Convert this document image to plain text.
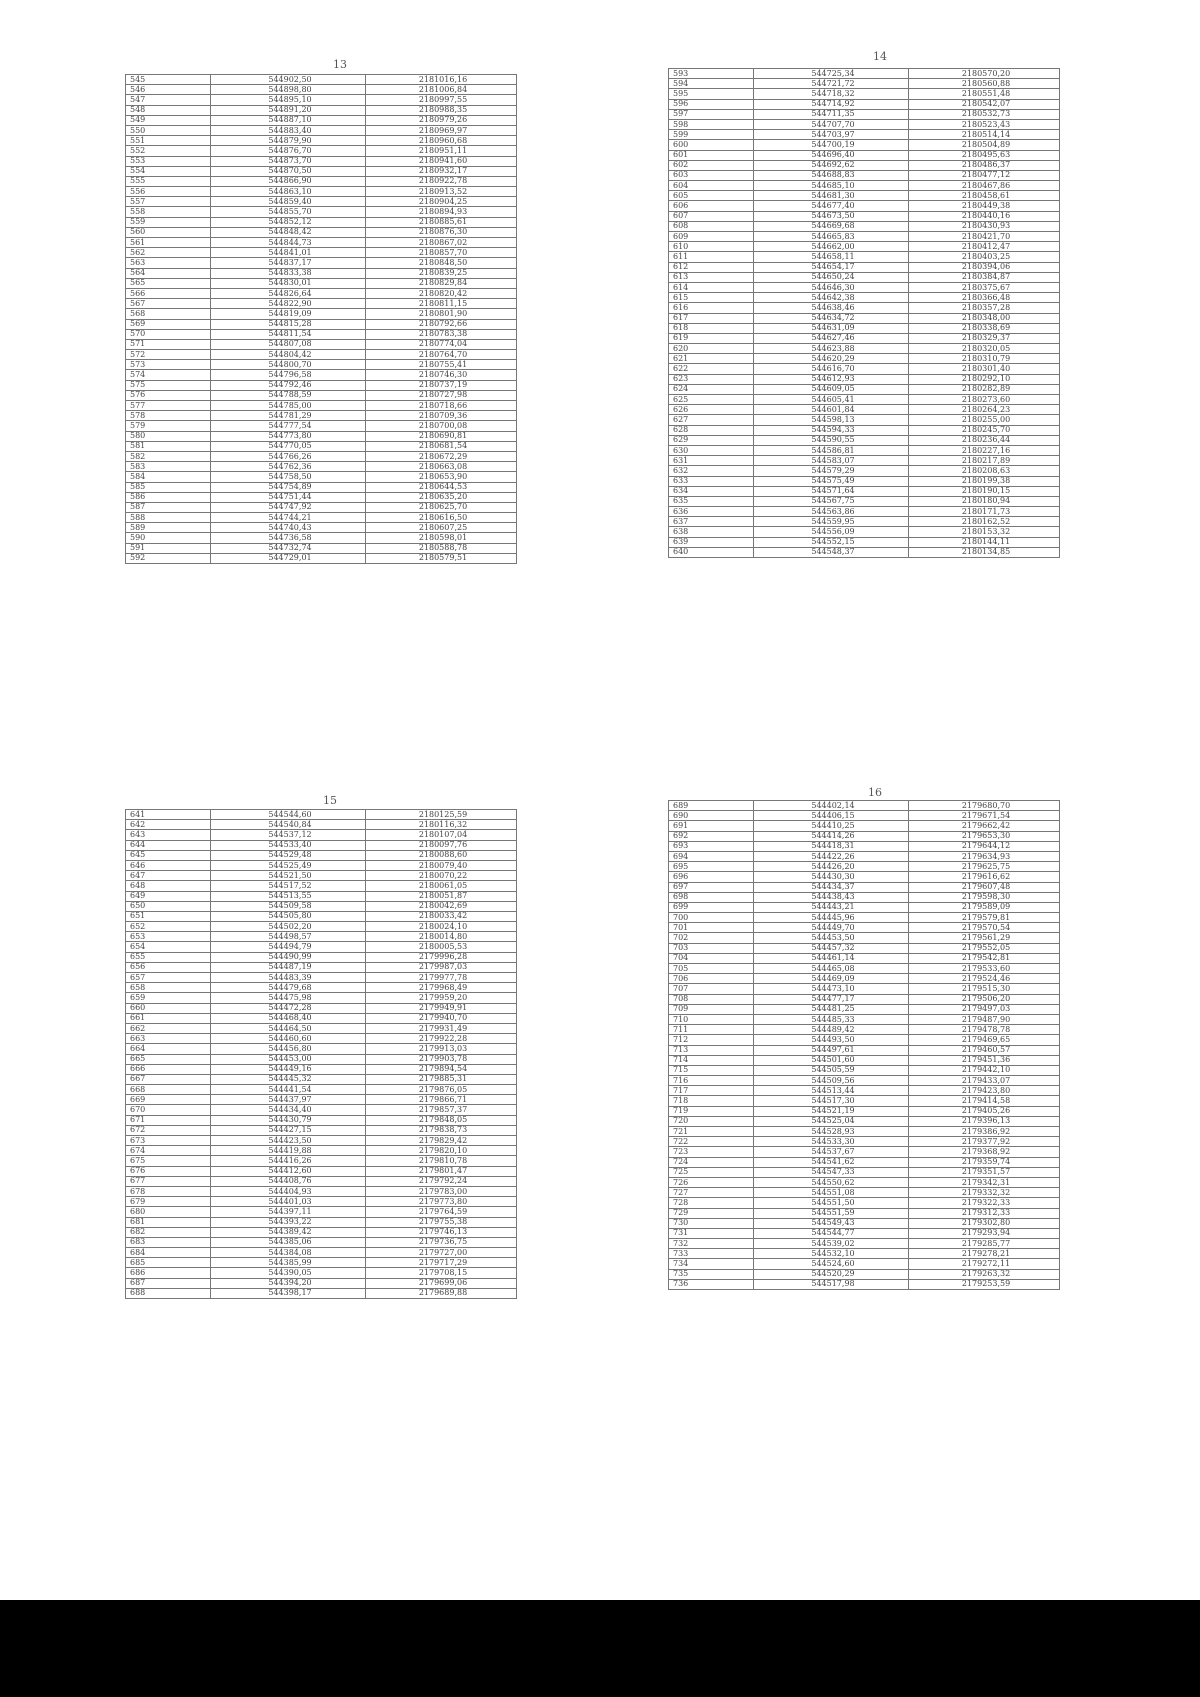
13
545	544902,50	2181016,16
546	544898,80	2181006,84
547	544895,10	2180997,55
548	544891,20	2180988,35
549	544887,10	2180979,26
550	544883,40	2180969,97
551	544879,90	2180960,68
552	544876,70	2180951,11
553	544873,70	2180941,60
554	544870,50	2180932,17
555	544866,90	2180922,78
556	544863,10	2180913,52
557	544859,40	2180904,25
558	544855,70	2180894,93
559	544852,12	2180885,61
560	544848,42	2180876,30
561	544844,73	2180867,02
562	544841,01	2180857,70
563	544837,17	2180848,50
564	544833,38	2180839,25
565	544830,01	2180829,84
566	544826,64	2180820,42
567	544822,90	2180811,15
568	544819,09	2180801,90
569	544815,28	2180792,66
570	544811,54	2180783,38
571	544807,08	2180774,04
572	544804,42	2180764,70
573	544800,70	2180755,41
574	544796,58	2180746,30
575	544792,46	2180737,19
576	544788,59	2180727,98
577	544785,00	2180718,66
578	544781,29	2180709,36
579	544777,54	2180700,08
580	544773,80	2180690,81
581	544770,05	2180681,54
582	544766,26	2180672,29
583	544762,36	2180663,08
584	544758,50	2180653,90
585	544754,89	2180644,53
586	544751,44	2180635,20
587	544747,92	2180625,70
588	544744,21	2180616,50
589	544740,43	2180607,25
590	544736,58	2180598,01
591	544732,74	2180588,78
592	544729,01	2180579,51
14
593	544725,34	2180570,20
594	544721,72	2180560,88
595	544718,32	2180551,48
596	544714,92	2180542,07
597	544711,35	2180532,73
598	544707,70	2180523,43
599	544703,97	2180514,14
600	544700,19	2180504,89
601	544696,40	2180495,63
602	544692,62	2180486,37
603	544688,83	2180477,12
604	544685,10	2180467,86
605	544681,30	2180458,61
606	544677,40	2180449,38
607	544673,50	2180440,16
608	544669,68	2180430,93
609	544665,83	2180421,70
610	544662,00	2180412,47
611	544658,11	2180403,25
612	544654,17	2180394,06
613	544650,24	2180384,87
614	544646,30	2180375,67
615	544642,38	2180366,48
616	544638,46	2180357,28
617	544634,72	2180348,00
618	544631,09	2180338,69
619	544627,46	2180329,37
620	544623,88	2180320,05
621	544620,29	2180310,79
622	544616,70	2180301,40
623	544612,93	2180292,10
624	544609,05	2180282,89
625	544605,41	2180273,60
626	544601,84	2180264,23
627	544598,13	2180255,00
628	544594,33	2180245,70
629	544590,55	2180236,44
630	544586,81	2180227,16
631	544583,07	2180217,89
632	544579,29	2180208,63
633	544575,49	2180199,38
634	544571,64	2180190,15
635	544567,75	2180180,94
636	544563,86	2180171,73
637	544559,95	2180162,52
638	544556,09	2180153,32
639	544552,15	2180144,11
640	544548,37	2180134,85
15
641	544544,60	2180125,59
642	544540,84	2180116,32
643	544537,12	2180107,04
644	544533,40	2180097,76
645	544529,48	2180088,60
646	544525,49	2180079,40
647	544521,50	2180070,22
648	544517,52	2180061,05
649	544513,55	2180051,87
650	544509,58	2180042,69
651	544505,80	2180033,42
652	544502,20	2180024,10
653	544498,57	2180014,80
654	544494,79	2180005,53
655	544490,99	2179996,28
656	544487,19	2179987,03
657	544483,39	2179977,78
658	544479,68	2179968,49
659	544475,98	2179959,20
660	544472,28	2179949,91
661	544468,40	2179940,70
662	544464,50	2179931,49
663	544460,60	2179922,28
664	544456,80	2179913,03
665	544453,00	2179903,78
666	544449,16	2179894,54
667	544445,32	2179885,31
668	544441,54	2179876,05
669	544437,97	2179866,71
670	544434,40	2179857,37
671	544430,79	2179848,05
672	544427,15	2179838,73
673	544423,50	2179829,42
674	544419,88	2179820,10
675	544416,26	2179810,78
676	544412,60	2179801,47
677	544408,76	2179792,24
678	544404,93	2179783,00
679	544401,03	2179773,80
680	544397,11	2179764,59
681	544393,22	2179755,38
682	544389,42	2179746,13
683	544385,06	2179736,75
684	544384,08	2179727,00
685	544385,99	2179717,29
686	544390,05	2179708,15
687	544394,20	2179699,06
688	544398,17	2179689,88
16
689	544402,14	2179680,70
690	544406,15	2179671,54
691	544410,25	2179662,42
692	544414,26	2179653,30
693	544418,31	2179644,12
694	544422,26	2179634,93
695	544426,20	2179625,75
696	544430,30	2179616,62
697	544434,37	2179607,48
698	544438,43	2179598,30
699	544443,21	2179589,09
700	544445,96	2179579,81
701	544449,70	2179570,54
702	544453,50	2179561,29
703	544457,32	2179552,05
704	544461,14	2179542,81
705	544465,08	2179533,60
706	544469,09	2179524,46
707	544473,10	2179515,30
708	544477,17	2179506,20
709	544481,25	2179497,03
710	544485,33	2179487,90
711	544489,42	2179478,78
712	544493,50	2179469,65
713	544497,61	2179460,57
714	544501,60	2179451,36
715	544505,59	2179442,10
716	544509,56	2179433,07
717	544513,44	2179423,80
718	544517,30	2179414,58
719	544521,19	2179405,26
720	544525,04	2179396,13
721	544528,93	2179386,92
722	544533,30	2179377,92
723	544537,67	2179368,92
724	544541,62	2179359,74
725	544547,33	2179351,57
726	544550,62	2179342,31
727	544551,08	2179332,32
728	544551,50	2179322,33
729	544551,59	2179312,33
730	544549,43	2179302,80
731	544544,77	2179293,94
732	544539,02	2179285,77
733	544532,10	2179278,21
734	544524,60	2179272,11
735	544520,29	2179263,32
736	544517,98	2179253,59
